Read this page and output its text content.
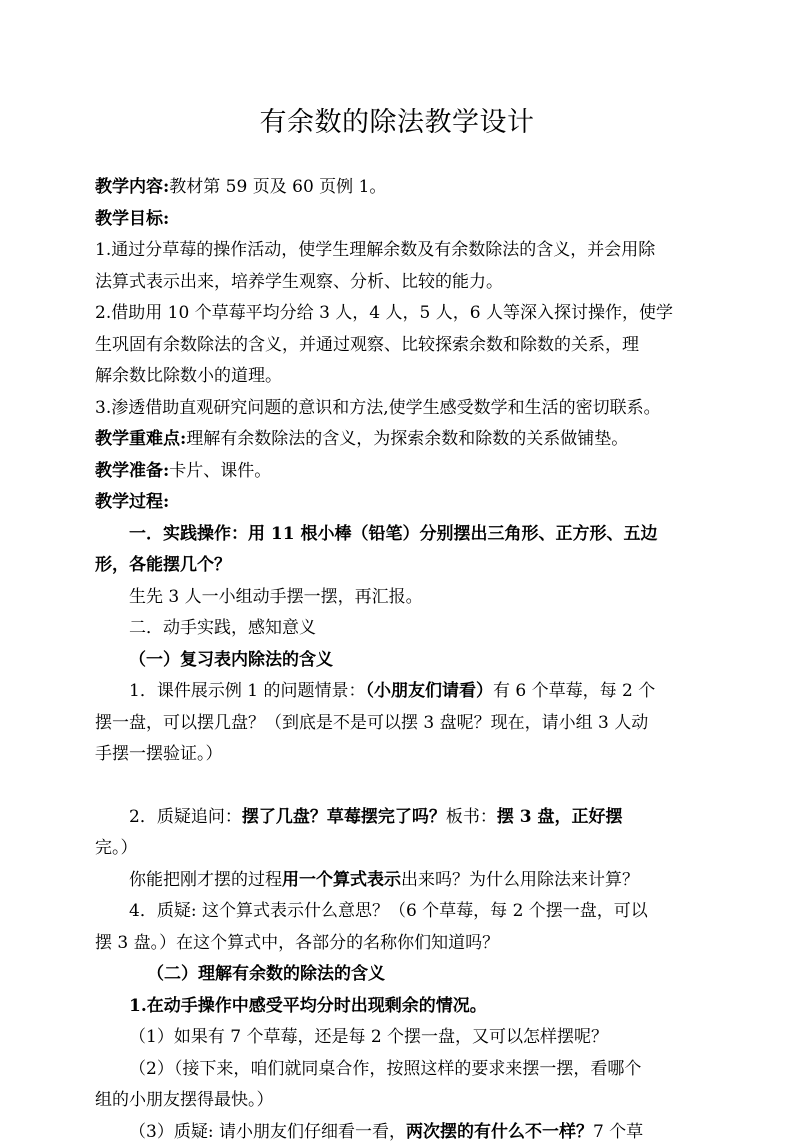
有余数的除法教学设计

教学内容:教材第 59 页及 60 页例 1。

教学目标:

1.通过分草莓的操作活动，使学生理解余数及有余数除法的含义，并会用除

法算式表示出来，培养学生观察、分析、比较的能力。

2.借助用 10 个草莓平均分给 3 人，4 人，5 人，6 人等深入探讨操作，使学

生巩固有余数除法的含义，并通过观察、比较探索余数和除数的关系，理

解余数比除数小的道理。

3.渗透借助直观研究问题的意识和方法,使学生感受数学和生活的密切联系。

教学重难点:理解有余数除法的含义，为探索余数和除数的关系做铺垫。

教学准备:卡片、课件。

教学过程:

一．实践操作：用 11 根小棒（铅笔）分别摆出三角形、正方形、五边

形，各能摆几个？

生先 3 人一小组动手摆一摆，再汇报。

二．动手实践，感知意义

（一）复习表内除法的含义

1．课件展示例 1 的问题情景：（小朋友们请看）有 6 个草莓，每 2 个

摆一盘，可以摆几盘？（到底是不是可以摆 3 盘呢？现在，请小组 3 人动

手摆一摆验证。）

2．质疑追问：摆了几盘？草莓摆完了吗？板书：摆 3 盘，正好摆

完。）

你能把刚才摆的过程用一个算式表示出来吗？为什么用除法来计算？

4．质疑: 这个算式表示什么意思？（6 个草莓，每 2 个摆一盘，可以

摆 3 盘。）在这个算式中，各部分的名称你们知道吗？

（二）理解有余数的除法的含义

1.在动手操作中感受平均分时出现剩余的情况。

（1）如果有 7 个草莓，还是每 2 个摆一盘，又可以怎样摆呢？

（2）（接下来，咱们就同桌合作，按照这样的要求来摆一摆，看哪个

组的小朋友摆得最快。）

（3）质疑: 请小朋友们仔细看一看，两次摆的有什么不一样？7 个草
